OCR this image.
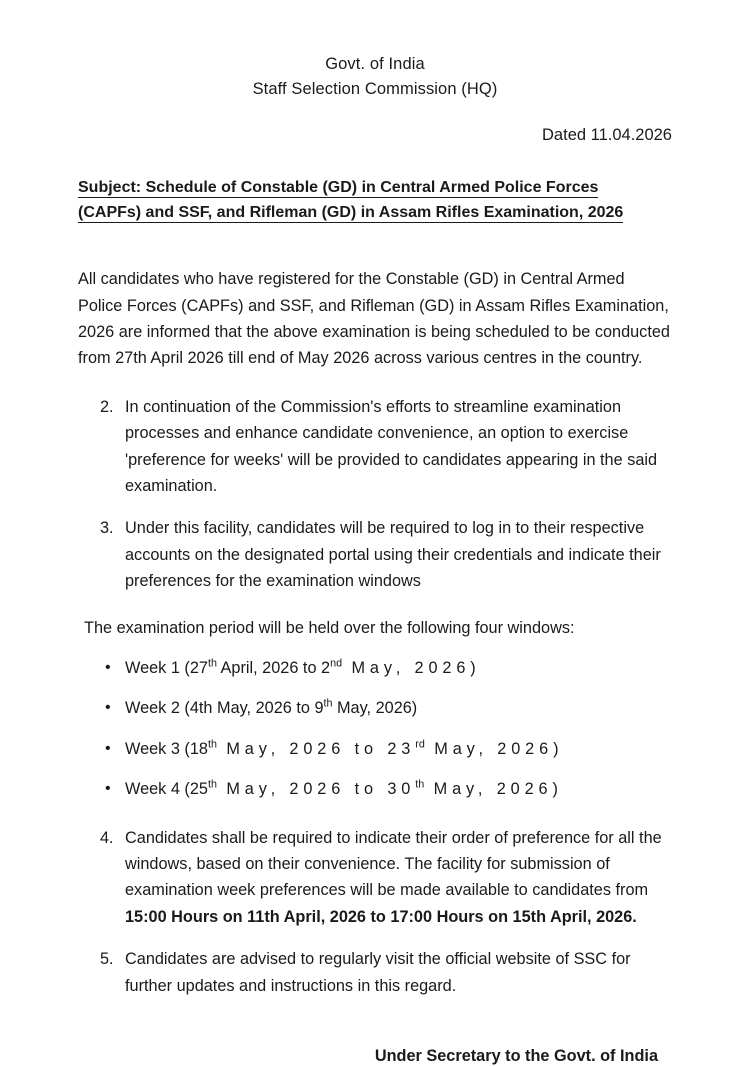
Govt. of India
Staff Selection Commission (HQ)
Dated 11.04.2026
Subject: Schedule of Constable (GD) in Central Armed Police Forces
(CAPFs) and SSF, and Rifleman (GD) in Assam Rifles Examination, 2026
All candidates who have registered for the Constable (GD) in Central Armed Police Forces (CAPFs) and SSF, and Rifleman (GD) in Assam Rifles Examination, 2026 are informed that the above examination is being scheduled to be conducted from 27th April 2026 till end of May 2026 across various centres in the country.
2. In continuation of the Commission's efforts to streamline examination processes and enhance candidate convenience, an option to exercise 'preference for weeks' will be provided to candidates appearing in the said examination.
3. Under this facility, candidates will be required to log in to their respective accounts on the designated portal using their credentials and indicate their preferences for the examination windows
The examination period will be held over the following four windows:
• Week 1 (27th April, 2026 to 2nd May, 2026)
• Week 2 (4th May, 2026 to 9th May, 2026)
• Week 3 (18th May, 2026 to 23rd May, 2026)
• Week 4 (25th May, 2026 to 30th May, 2026)
4. Candidates shall be required to indicate their order of preference for all the windows, based on their convenience. The facility for submission of examination week preferences will be made available to candidates from 15:00 Hours on 11th April, 2026 to 17:00 Hours on 15th April, 2026.
5. Candidates are advised to regularly visit the official website of SSC for further updates and instructions in this regard.
Under Secretary to the Govt. of India
